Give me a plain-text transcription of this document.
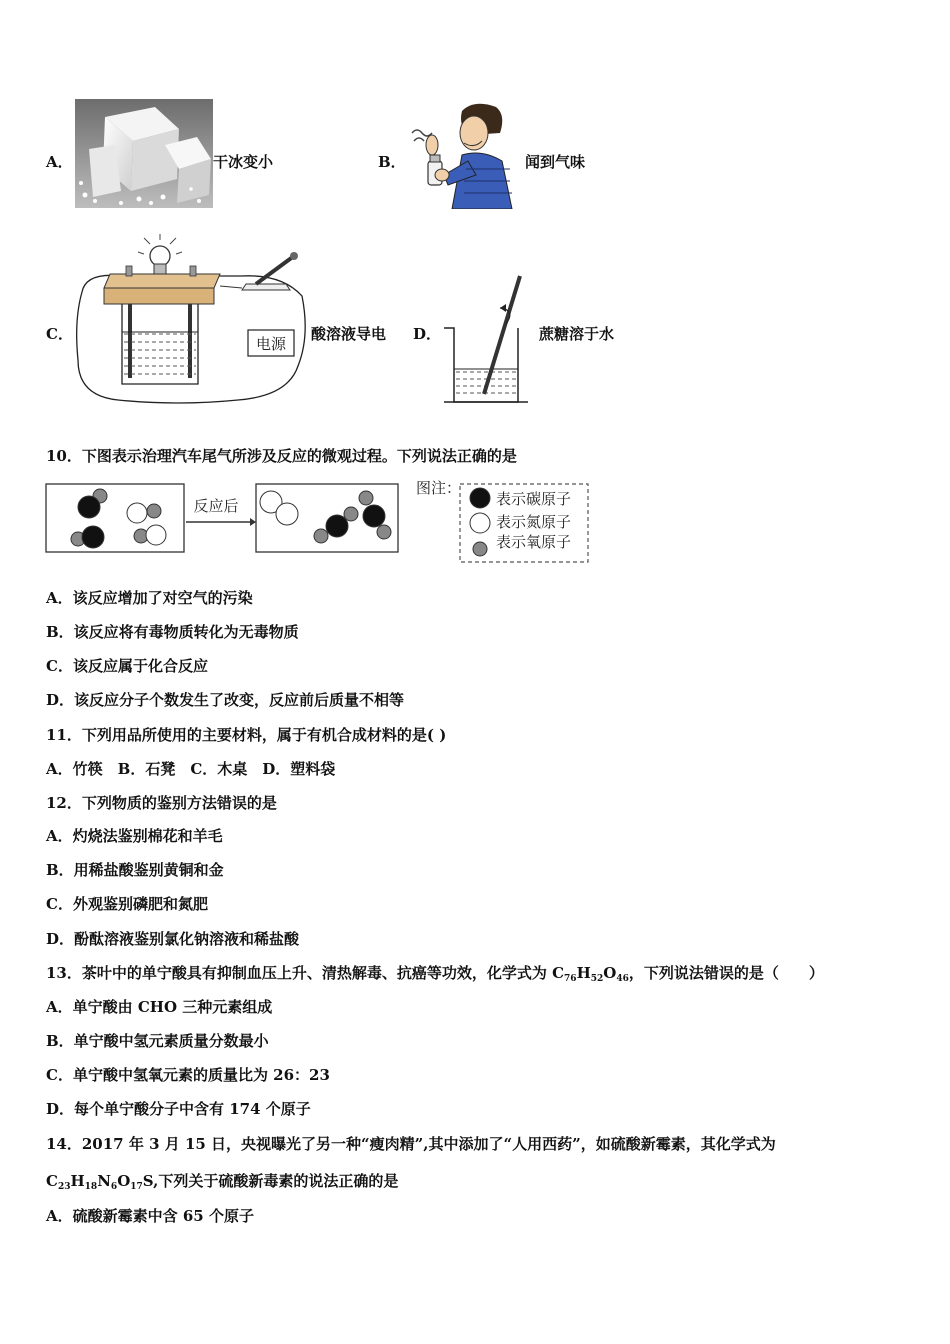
A．	干冰变小	B．	闻到气味
C．
电源
酸溶液导电 D．	蔗糖溶于水
10．下图表示治理汽车尾气所涉及反应的微观过程。下列说法正确的是
反应后
图注：
表示碳原子
表示氮原子
表示氧原子
A．该反应增加了对空气的污染
B．该反应将有毒物质转化为无毒物质
C．该反应属于化合反应
D．该反应分子个数发生了改变，反应前后质量不相等
11．下列用品所使用的主要材料，属于有机合成材料的是( )
A．竹筷　B．石凳　C．木桌　D．塑料袋
12．下列物质的鉴别方法错误的是
A．灼烧法鉴别棉花和羊毛
B．用稀盐酸鉴别黄铜和金
C．外观鉴别磷肥和氮肥
D．酚酞溶液鉴别氯化钠溶液和稀盐酸
13．茶叶中的单宁酸具有抑制血压上升、清热解毒、抗癌等功效，化学式为 $C_{76}H_{52}O_{46}$，下列说法错误的是（　　）
A．单宁酸由 CHO 三种元素组成
B．单宁酸中氢元素质量分数最小
C．单宁酸中氢氧元素的质量比为 26：23
D．每个单宁酸分子中含有 174 个原子
14．2017 年 3 月 15 日，央视曝光了另一种“瘦肉精”,其中添加了“人用西药”，如硫酸新霉素，其化学式为
$C_{23}H_{18}N_6O_{17}S$,下列关于硫酸新毒素的说法正确的是
A．硫酸新霉素中含 65 个原子
